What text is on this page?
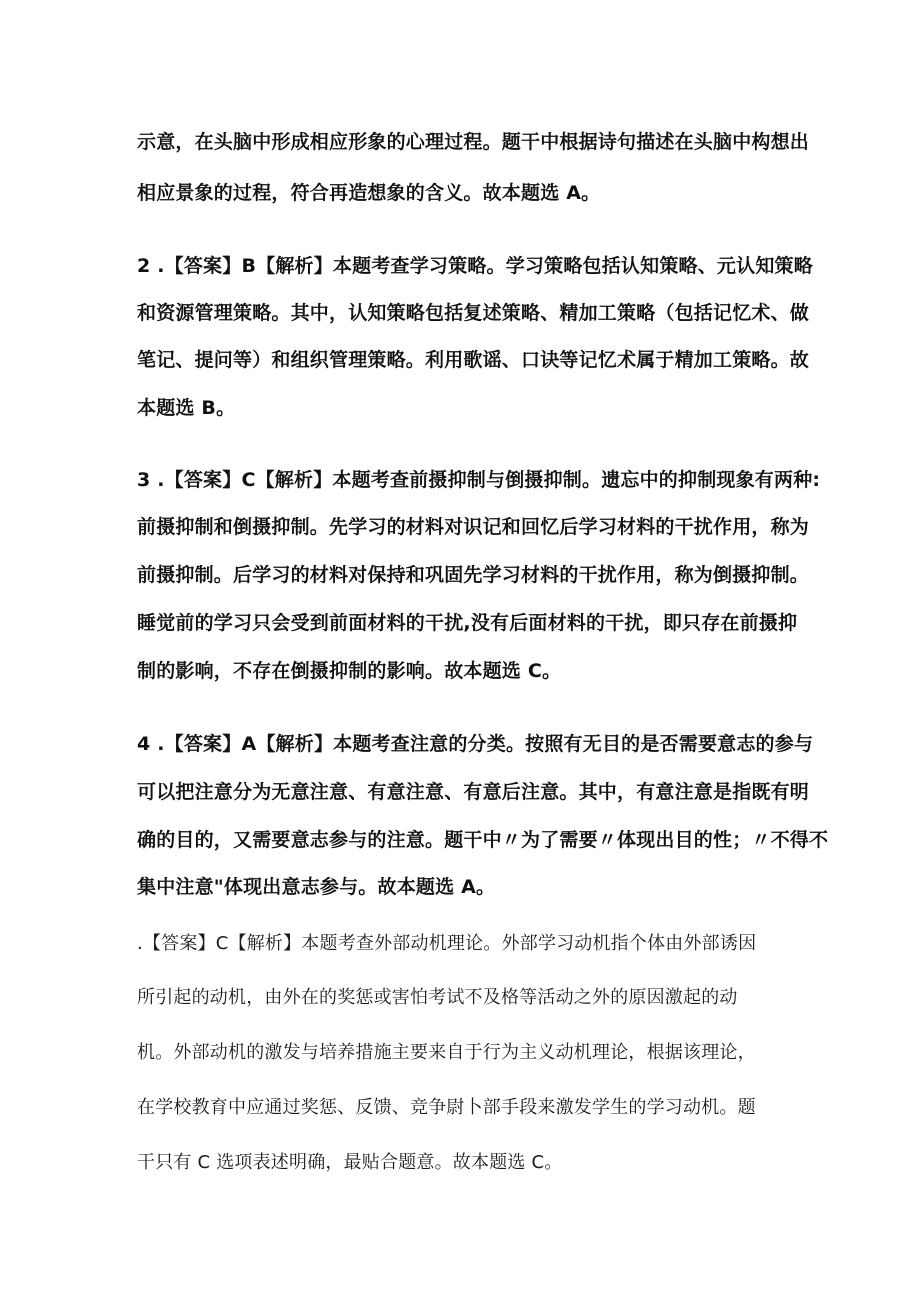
示意，在头脑中形成相应形象的心理过程。题干中根据诗句描述在头脑中构想出
相应景象的过程，符合再造想象的含义。故本题选 A。
2 .【答案】B【解析】本题考查学习策略。学习策略包括认知策略、元认知策略
和资源管理策略。其中，认知策略包括复述策略、精加工策略（包括记忆术、做
笔记、提问等）和组织管理策略。利用歌谣、口诀等记忆术属于精加工策略。故
本题选 B。
3 .【答案】C【解析】本题考查前摄抑制与倒摄抑制。遗忘中的抑制现象有两种:
前摄抑制和倒摄抑制。先学习的材料对识记和回忆后学习材料的干扰作用，称为
前摄抑制。后学习的材料对保持和巩固先学习材料的干扰作用，称为倒摄抑制。
睡觉前的学习只会受到前面材料的干扰,没有后面材料的干扰，即只存在前摄抑
制的影响，不存在倒摄抑制的影响。故本题选 C。
4 .【答案】A【解析】本题考查注意的分类。按照有无目的是否需要意志的参与
可以把注意分为无意注意、有意注意、有意后注意。其中，有意注意是指既有明
确的目的，又需要意志参与的注意。题干中〃为了需要〃体现出目的性；〃不得不
集中注意"体现出意志参与。故本题选 A。
.【答案】C【解析】本题考查外部动机理论。外部学习动机指个体由外部诱因
所引起的动机，由外在的奖惩或害怕考试不及格等活动之外的原因激起的动
机。外部动机的激发与培养措施主要来自于行为主义动机理论，根据该理论，
在学校教育中应通过奖惩、反馈、竞争尉卜部手段来激发学生的学习动机。题
干只有 C 选项表述明确，最贴合题意。故本题选 C。
